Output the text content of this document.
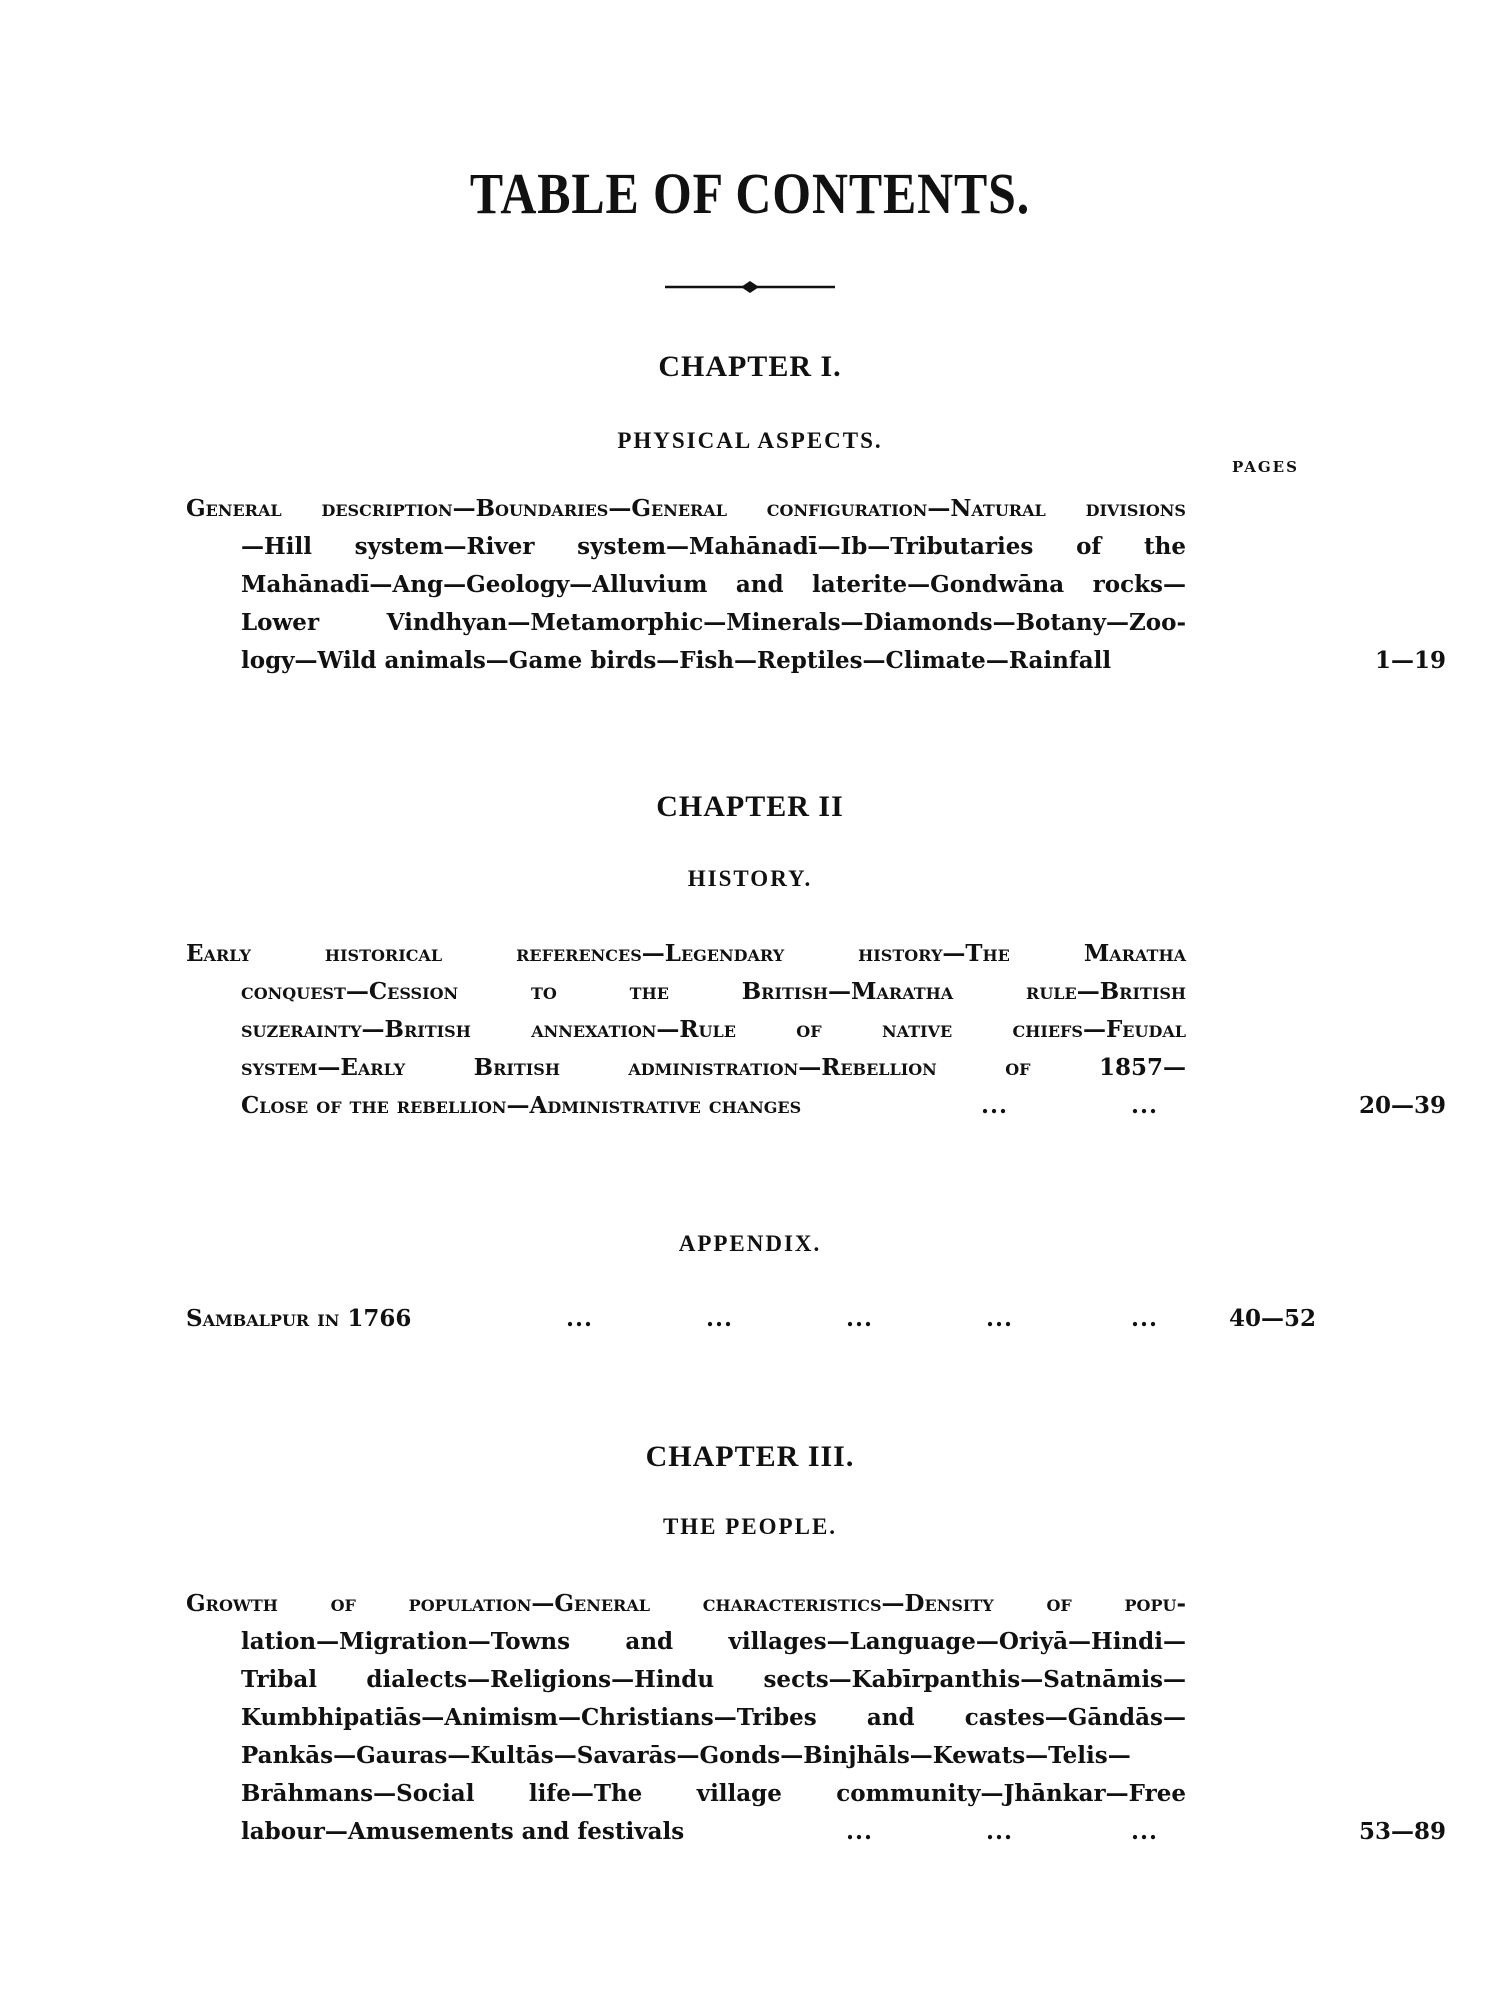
TABLE OF CONTENTS.
CHAPTER I.
PHYSICAL ASPECTS.
PAGES
General description—Boundaries—General configuration—Natural divisions
—Hill system—River system—Mahānadī—Ib—Tributaries of the
Mahānadī—Ang—Geology—Alluvium and laterite—Gondwāna rocks—
Lower Vindhyan—Metamorphic—Minerals—Diamonds—Botany—Zoo-
logy—Wild animals—Game birds—Fish—Reptiles—Climate—Rainfall	1—19
CHAPTER II
HISTORY.
Early historical references—Legendary history—The Maratha
conquest—Cession to the British—Maratha rule—British
suzerainty—British annexation—Rule of native chiefs—Feudal
system—Early British administration—Rebellion of 1857—
Close of the rebellion—Administrative changes	...	...	20—39
APPENDIX.
Sambalpur in 1766	...	...	...	...	...	40—52
CHAPTER III.
THE PEOPLE.
Growth of population—General characteristics—Density of popu-
lation—Migration—Towns and villages—Language—Oriyā—Hindi—
Tribal dialects—Religions—Hindu sects—Kabīrpanthis—Satnāmis—
Kumbhipatiās—Animism—Christians—Tribes and castes—Gāndās—
Pankās—Gauras—Kultās—Savarās—Gonds—Binjhāls—Kewats—Telis—
Brāhmans—Social life—The village community—Jhānkar—Free
labour—Amusements and festivals	...	...	...	53—89
